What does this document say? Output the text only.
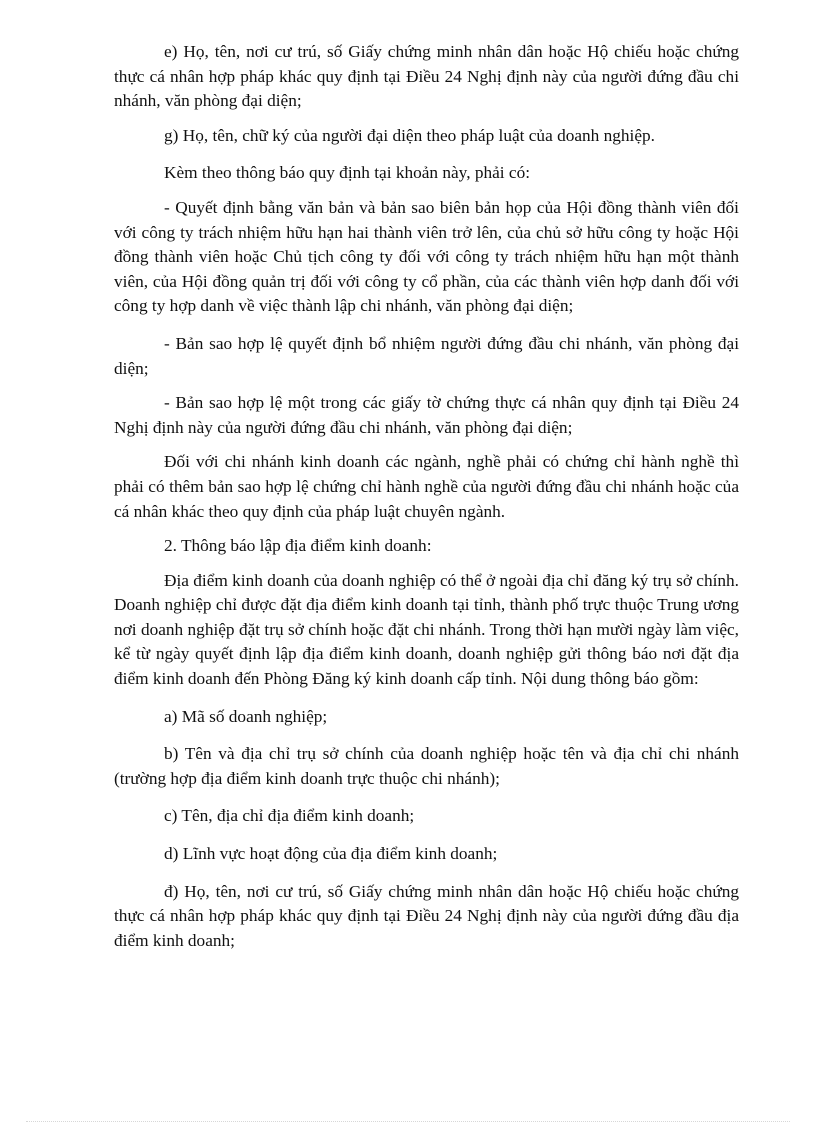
e) Họ, tên, nơi cư trú, số Giấy chứng minh nhân dân hoặc Hộ chiếu hoặc chứng thực cá nhân hợp pháp khác quy định tại Điều 24 Nghị định này của người đứng đầu chi nhánh, văn phòng đại diện;

g) Họ, tên, chữ ký của người đại diện theo pháp luật của doanh nghiệp.

Kèm theo thông báo quy định tại khoản này, phải có:

- Quyết định bằng văn bản và bản sao biên bản họp của Hội đồng thành viên đối với công ty trách nhiệm hữu hạn hai thành viên trở lên, của chủ sở hữu công ty hoặc Hội đồng thành viên hoặc Chủ tịch công ty đối với công ty trách nhiệm hữu hạn một thành viên, của Hội đồng quản trị đối với công ty cổ phần, của các thành viên hợp danh đối với công ty hợp danh về việc thành lập chi nhánh, văn phòng đại diện;

- Bản sao hợp lệ quyết định bổ nhiệm người đứng đầu chi nhánh, văn phòng đại diện;

- Bản sao hợp lệ một trong các giấy tờ chứng thực cá nhân quy định tại Điều 24 Nghị định này của người đứng đầu chi nhánh, văn phòng đại diện;

Đối với chi nhánh kinh doanh các ngành, nghề phải có chứng chỉ hành nghề thì phải có thêm bản sao hợp lệ chứng chỉ hành nghề của người đứng đầu chi nhánh hoặc của cá nhân khác theo quy định của pháp luật chuyên ngành.

2. Thông báo lập địa điểm kinh doanh:

Địa điểm kinh doanh của doanh nghiệp có thể ở ngoài địa chỉ đăng ký trụ sở chính. Doanh nghiệp chỉ được đặt địa điểm kinh doanh tại tỉnh, thành phố trực thuộc Trung ương nơi doanh nghiệp đặt trụ sở chính hoặc đặt chi nhánh. Trong thời hạn mười ngày làm việc, kể từ ngày quyết định lập địa điểm kinh doanh, doanh nghiệp gửi thông báo nơi đặt địa điểm kinh doanh đến Phòng Đăng ký kinh doanh cấp tỉnh. Nội dung thông báo gồm:

a) Mã số doanh nghiệp;

b) Tên và địa chỉ trụ sở chính của doanh nghiệp hoặc tên và địa chỉ chi nhánh (trường hợp địa điểm kinh doanh trực thuộc chi nhánh);

c) Tên, địa chỉ địa điểm kinh doanh;

d) Lĩnh vực hoạt động của địa điểm kinh doanh;

đ) Họ, tên, nơi cư trú, số Giấy chứng minh nhân dân hoặc Hộ chiếu hoặc chứng thực cá nhân hợp pháp khác quy định tại Điều 24 Nghị định này của người đứng đầu địa điểm kinh doanh;
